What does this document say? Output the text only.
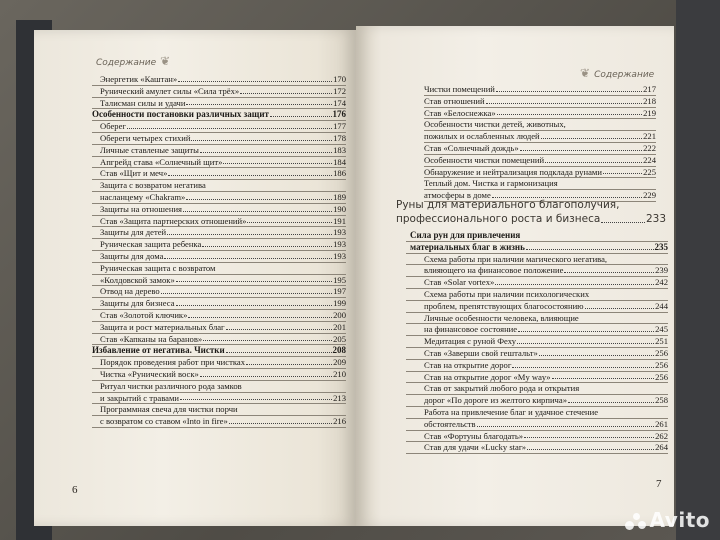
Содержание ❦
Энергетик «Каштан»	170
Рунический амулет силы «Сила трёх»	172
Талисман силы и удачи	174
Особенности постановки различных защит	176
Оберег	177
Обереги четырех стихий	178
Личные ставленые защиты	183
Апгрейд става «Солнечный щит»	184
Став «Щит и меч»	186
Защита с возвратом негатива
насланцему «Chakram»	189
Защиты на отношения	190
Став «Защита партнерских отношений»	191
Защиты для детей	193
Руническая защита ребенка	193
Защиты для дома	193
Руническая защита с возвратом
«Колдовской замок»	195
Отвод на дерево	197
Защиты для бизнеса	199
Став «Золотой ключик»	200
Защита и рост материальных благ	201
Став «Капканы на баранов»	205
Избавление от негатива. Чистки	208
Порядок проведения работ при чистках	209
Чистка «Рунический воск»	210
Ритуал чистки различного рода замков
и закрытий с травами	213
Программная свеча для чистки порчи
с возвратом со ставом «Into in fire»	216
6
❦ Содержание
Чистки помещений	217
Став отношений	218
Став «Белоснежка»	219
Особенности чистки детей, животных,
пожилых и ослабленных людей	221
Став «Солнечный дождь»	222
Особенности чистки помещений	224
Обнаружение и нейтрализация подклада рунами	225
Теплый дом. Чистка и гармонизация
атмосферы в доме	229
Руны для материального благополучия,
профессионального роста и бизнеса	233
Сила рун для привлечения
материальных благ в жизнь	235
Схема работы при наличии магического негатива,
влияющего на финансовое положение	239
Став «Solar vortex»	242
Схема работы при наличии психологических
проблем, препятствующих благосостоянию	244
Личные особенности человека, влияющие
на финансовое состояние	245
Медитация с руной Феху	251
Став «Заверши свой гештальт»	256
Став на открытие дорог	256
Став на открытие дорог «My way»	256
Став от закрытий любого рода и открытия
дорог «По дороге из желтого кирпича»	258
Работа на привлечение благ и удачное стечение
обстоятельств	261
Став «Фортуны благодать»	262
Став для удачи «Lucky star»	264
7
Avito
